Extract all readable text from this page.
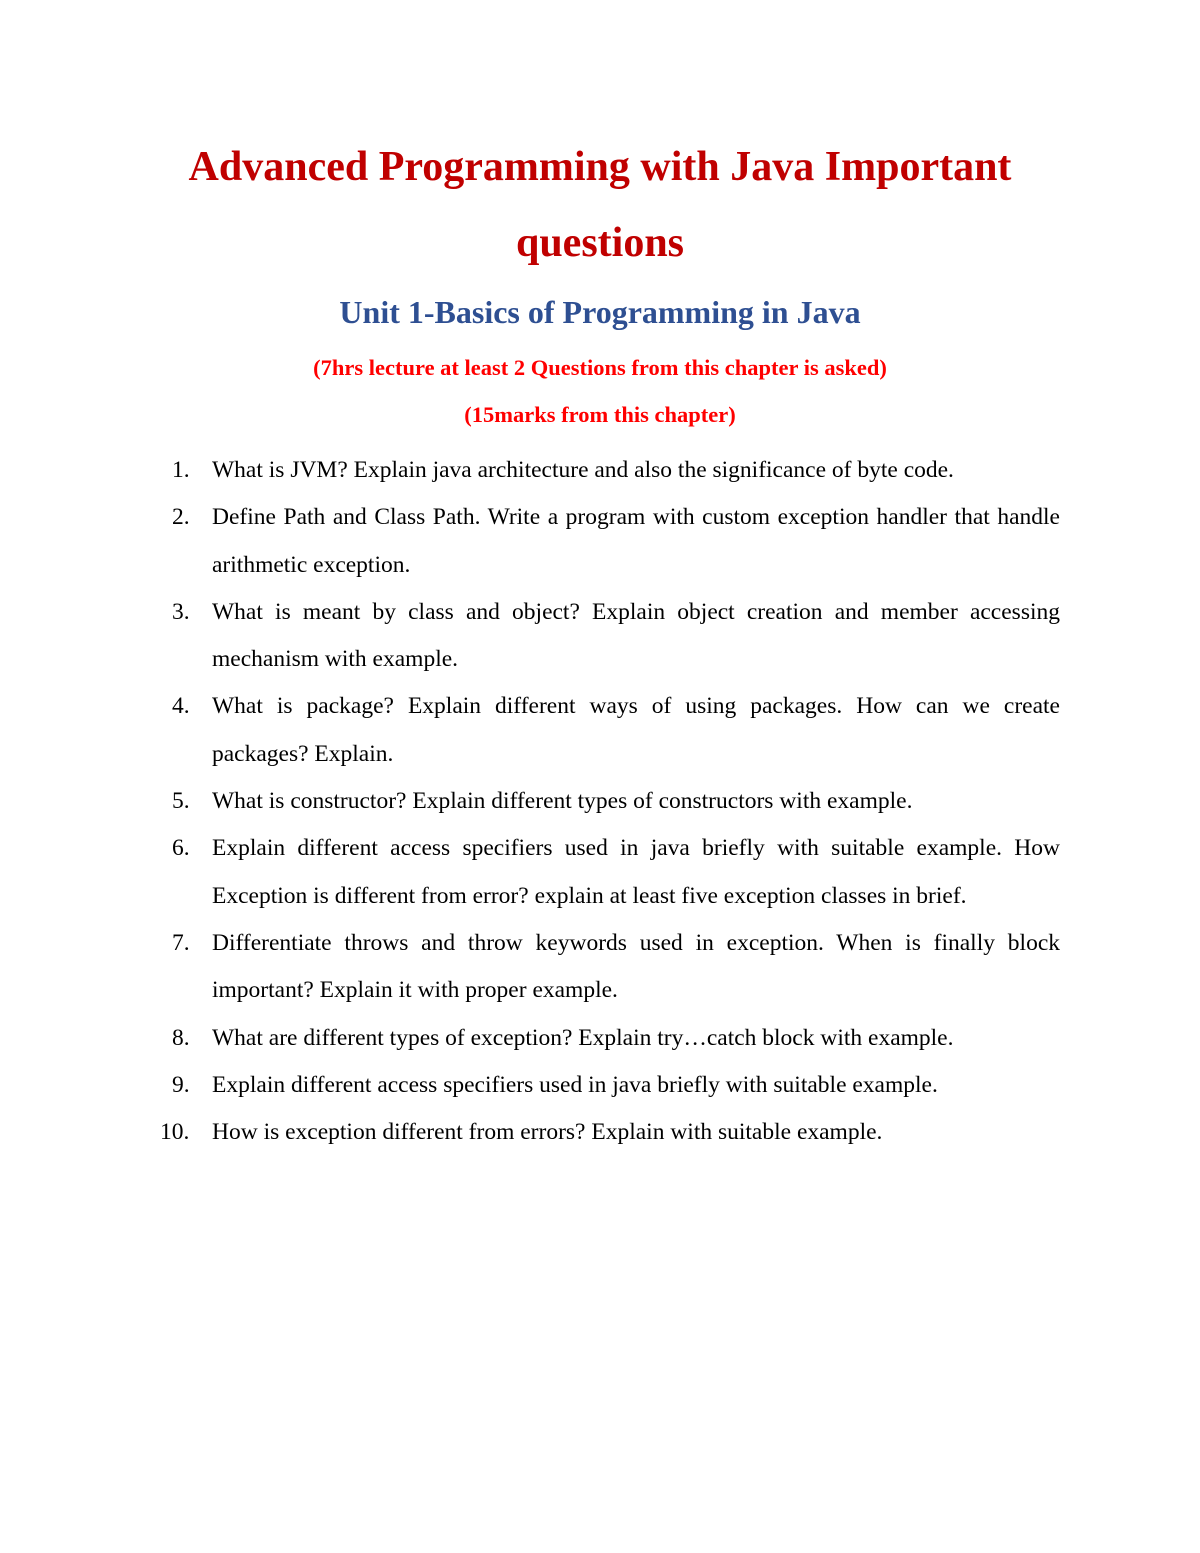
Advanced Programming with Java Important
questions
Unit 1-Basics of Programming in Java

(7hrs lecture at least 2 Questions from this chapter is asked)

(15marks from this chapter)

1. What is JVM? Explain java architecture and also the significance of byte code.
2. Define Path and Class Path. Write a program with custom exception handler that handle arithmetic exception.
3. What is meant by class and object? Explain object creation and member accessing mechanism with example.
4. What is package? Explain different ways of using packages. How can we create packages? Explain.
5. What is constructor? Explain different types of constructors with example.
6. Explain different access specifiers used in java briefly with suitable example. How Exception is different from error? explain at least five exception classes in brief.
7. Differentiate throws and throw keywords used in exception. When is finally block important? Explain it with proper example.
8. What are different types of exception? Explain try…catch block with example.
9. Explain different access specifiers used in java briefly with suitable example.
10. How is exception different from errors? Explain with suitable example.
